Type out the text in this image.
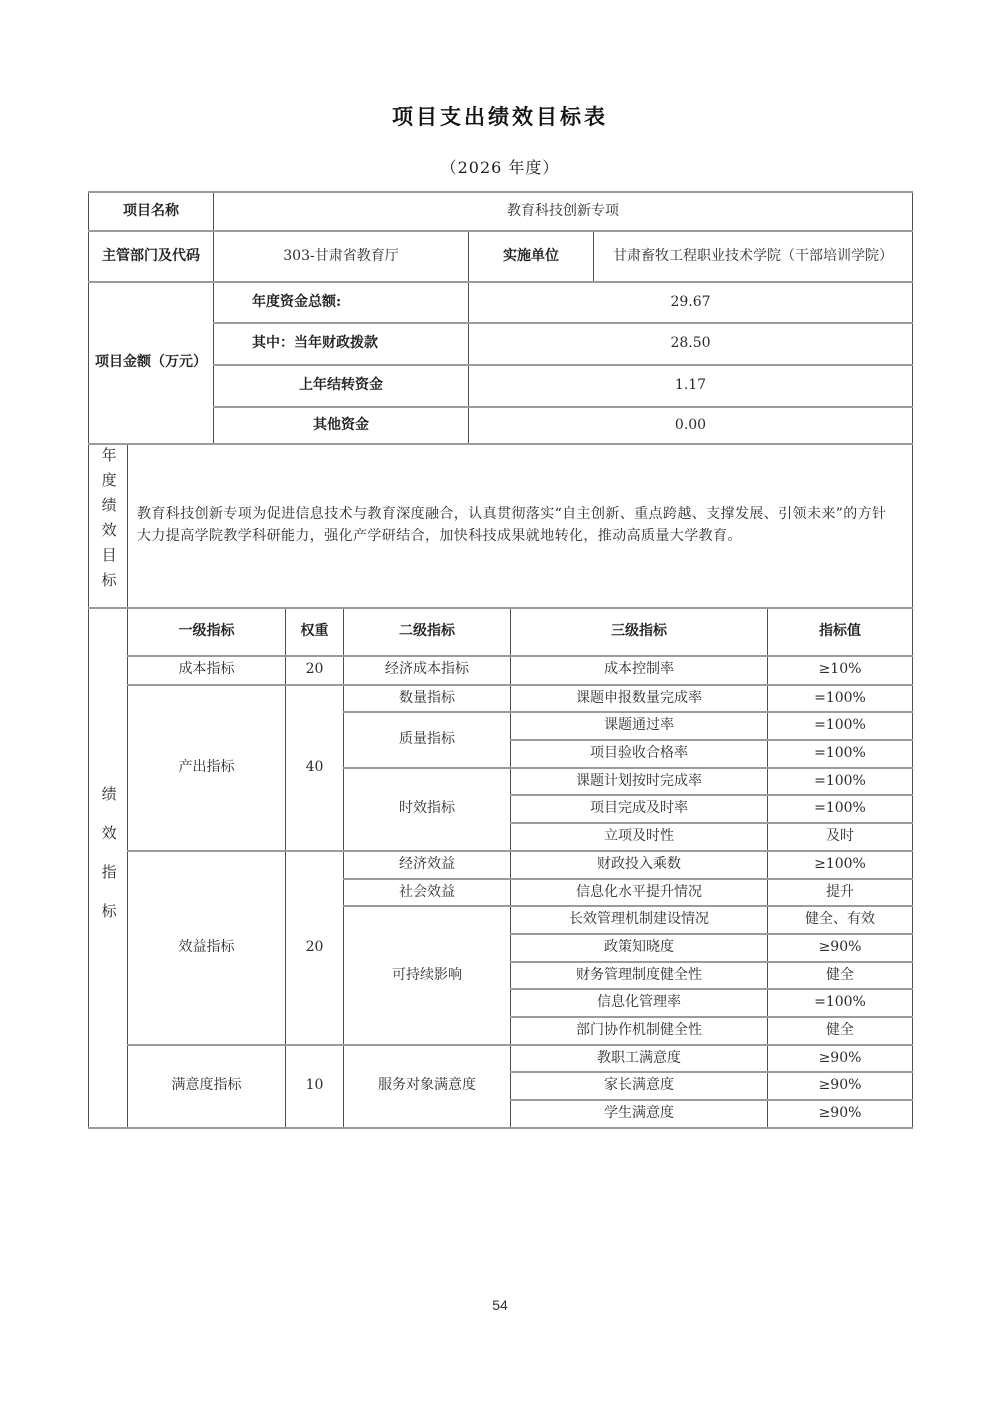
项目支出绩效目标表
（2026 年度）
项目名称	教育科技创新专项		
主管部门及代码	303-甘肃省教育厅	实施单位	甘肃畜牧工程职业技术学院（干部培训学院）
项目金额（万元）	年度资金总额:	29.67	
	其中：当年财政拨款	28.50	
	上年结转资金	1.17	
	其他资金	0.00	
年度绩效目标	教育科技创新专项为促进信息技术与教育深度融合，认真贯彻落实“自主创新、重点跨越、支撑发展、引领未来”的方针大力提高学院教学科研能力，强化产学研结合，加快科技成果就地转化，推动高质量大学教育。				
绩效指标	一级指标	权重	二级指标	三级指标	指标值
	成本指标	20	经济成本指标	成本控制率	≥10%
	产出指标	40	数量指标	课题申报数量完成率	=100%
			质量指标	课题通过率	=100%
				项目验收合格率	=100%
			时效指标	课题计划按时完成率	=100%
				项目完成及时率	=100%
				立项及时性	及时
	效益指标	20	经济效益	财政投入乘数	≥100%
			社会效益	信息化水平提升情况	提升
			可持续影响	长效管理机制建设情况	健全、有效
				政策知晓度	≥90%
				财务管理制度健全性	健全
				信息化管理率	=100%
				部门协作机制健全性	健全
	满意度指标	10	服务对象满意度	教职工满意度	≥90%
				家长满意度	≥90%
				学生满意度	≥90%
54
